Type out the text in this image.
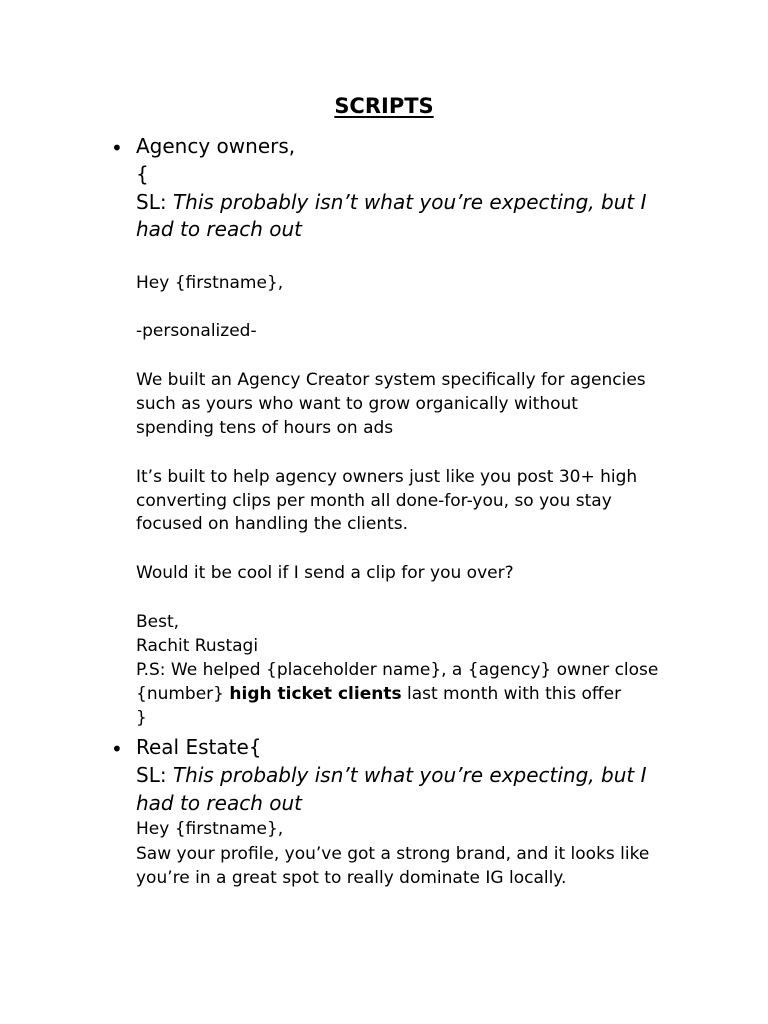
SCRIPTS
• Agency owners,
{
SL: This probably isn’t what you’re expecting, but I
had to reach out
Hey {firstname},
-personalized-
We built an Agency Creator system specifically for agencies
such as yours who want to grow organically without
spending tens of hours on ads
It’s built to help agency owners just like you post 30+ high
converting clips per month all done-for-you, so you stay
focused on handling the clients.
Would it be cool if I send a clip for you over?
Best,
Rachit Rustagi
P.S: We helped {placeholder name}, a {agency} owner close
{number} high ticket clients last month with this offer
}
• Real Estate{
SL: This probably isn’t what you’re expecting, but I
had to reach out
Hey {firstname},
Saw your profile, you’ve got a strong brand, and it looks like
you’re in a great spot to really dominate IG locally.
